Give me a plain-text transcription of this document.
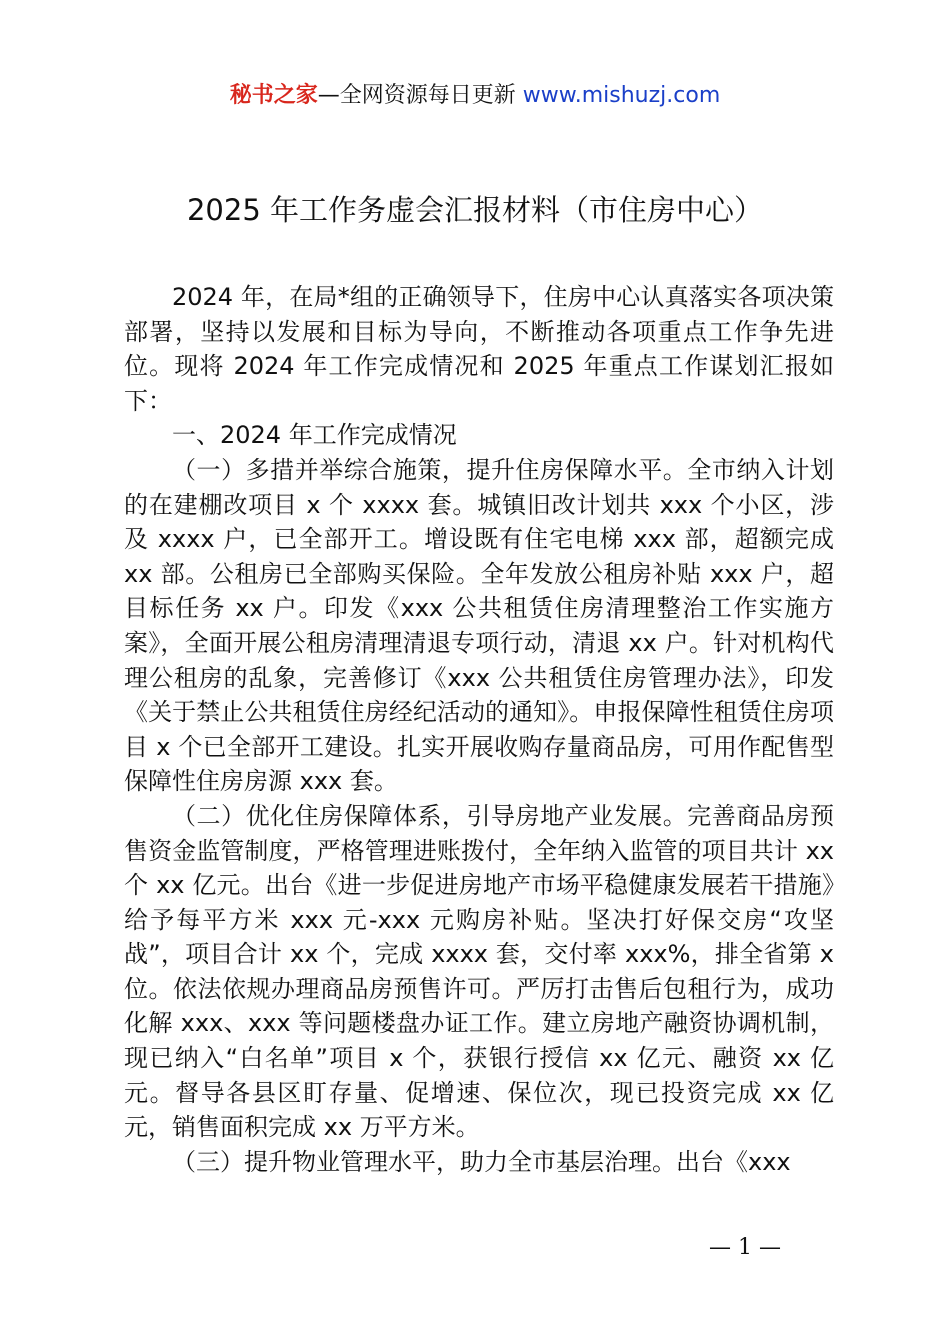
秘书之家—全网资源每日更新 www.mishuzj.com
2025 年工作务虚会汇报材料（市住房中心）

2024 年，在局*组的正确领导下，住房中心认真落实各项决策部署，坚持以发展和目标为导向，不断推动各项重点工作争先进位。现将 2024 年工作完成情况和 2025 年重点工作谋划汇报如下：

一、2024 年工作完成情况

（一）多措并举综合施策，提升住房保障水平。全市纳入计划的在建棚改项目 x 个 xxxx 套。城镇旧改计划共 xxx 个小区，涉及 xxxx 户，已全部开工。增设既有住宅电梯 xxx 部，超额完成 xx 部。公租房已全部购买保险。全年发放公租房补贴 xxx 户，超目标任务 xx 户。印发《xxx 公共租赁住房清理整治工作实施方案》，全面开展公租房清理清退专项行动，清退 xx 户。针对机构代理公租房的乱象，完善修订《xxx 公共租赁住房管理办法》，印发《关于禁止公共租赁住房经纪活动的通知》。申报保障性租赁住房项目 x 个已全部开工建设。扎实开展收购存量商品房，可用作配售型保障性住房房源 xxx 套。

（二）优化住房保障体系，引导房地产业发展。完善商品房预售资金监管制度，严格管理进账拨付，全年纳入监管的项目共计 xx 个 xx 亿元。出台《进一步促进房地产市场平稳健康发展若干措施》给予每平方米 xxx 元-xxx 元购房补贴。坚决打好保交房“攻坚战”，项目合计 xx 个，完成 xxxx 套，交付率 xxx%，排全省第 x 位。依法依规办理商品房预售许可。严厉打击售后包租行为，成功化解 xxx、xxx 等问题楼盘办证工作。建立房地产融资协调机制，现已纳入“白名单”项目 x 个，获银行授信 xx 亿元、融资 xx 亿元。督导各县区盯存量、促增速、保位次，现已投资完成 xx 亿元，销售面积完成 xx 万平方米。

（三）提升物业管理水平，助力全市基层治理。出台《xxx

— 1 —
